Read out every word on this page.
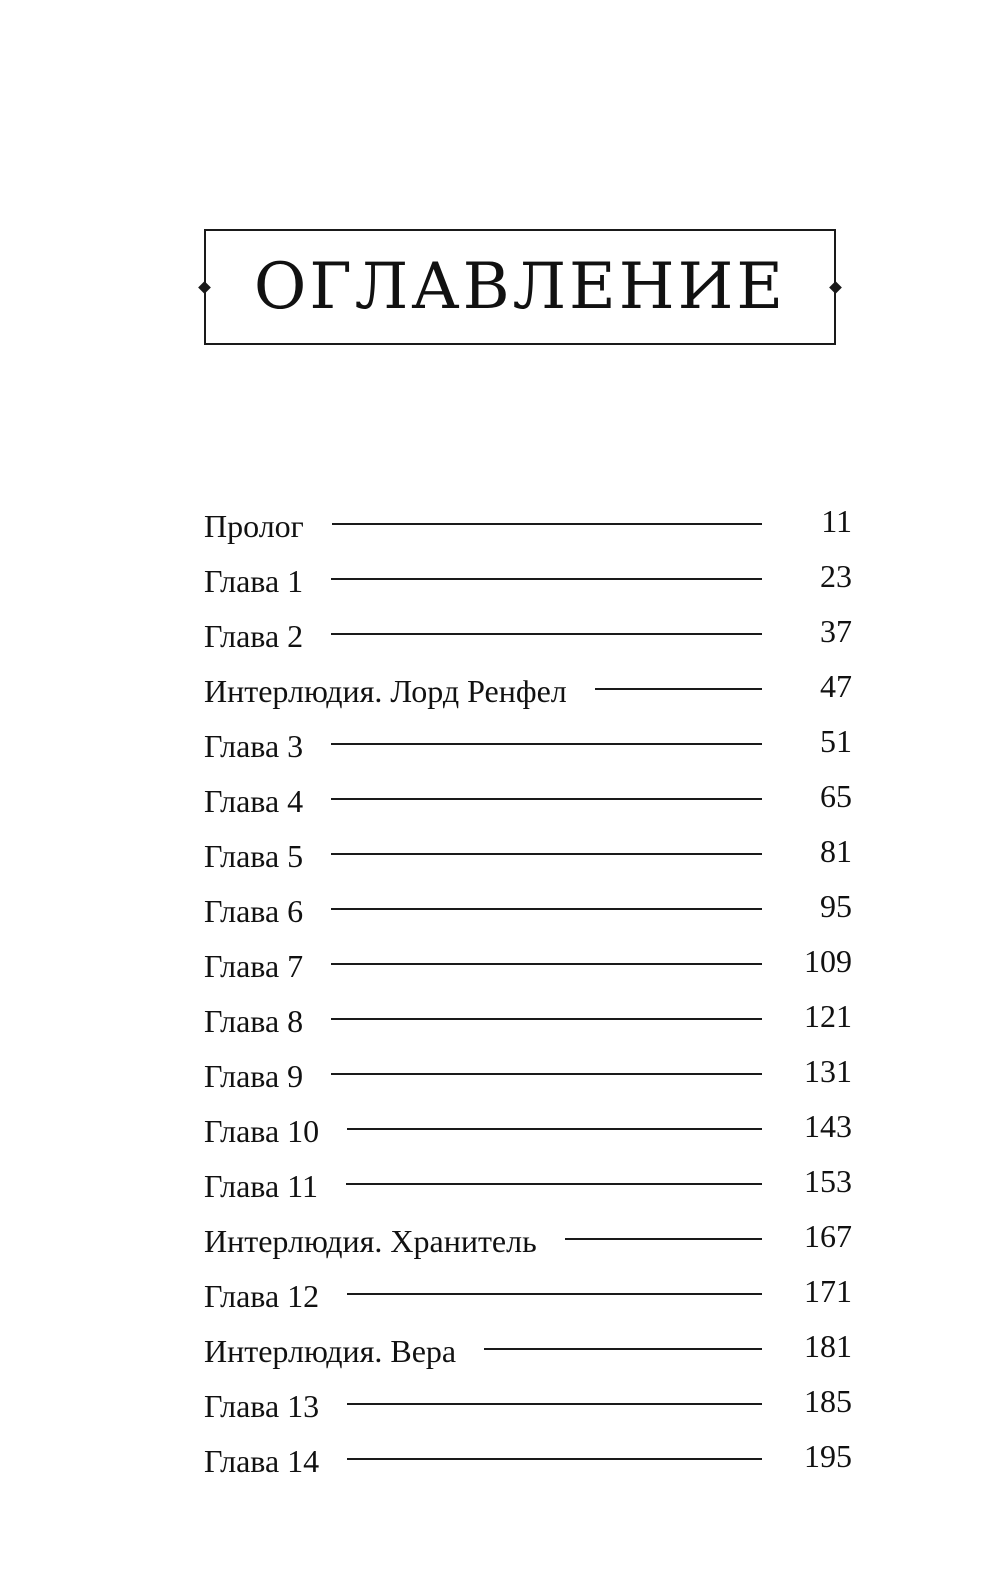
ОГЛАВЛЕНИЕ
Пролог	11
Глава 1	23
Глава 2	37
Интерлюдия. Лорд Ренфел	47
Глава 3	51
Глава 4	65
Глава 5	81
Глава 6	95
Глава 7	109
Глава 8	121
Глава 9	131
Глава 10	143
Глава 11	153
Интерлюдия. Хранитель	167
Глава 12	171
Интерлюдия. Вера	181
Глава 13	185
Глава 14	195
